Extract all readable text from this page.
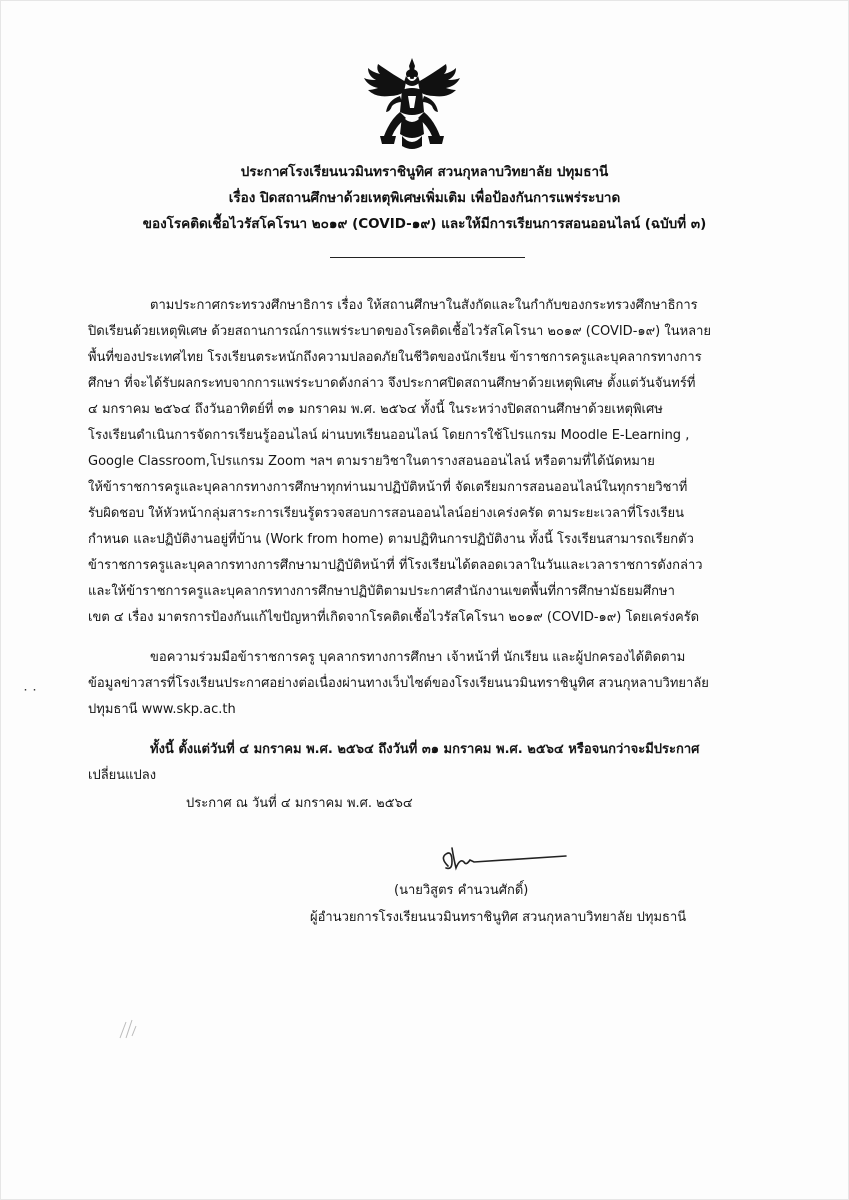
ประกาศโรงเรียนนวมินทราชินูทิศ สวนกุหลาบวิทยาลัย ปทุมธานี
เรื่อง ปิดสถานศึกษาด้วยเหตุพิเศษเพิ่มเติม เพื่อป้องกันการแพร่ระบาด
ของโรคติดเชื้อไวรัสโคโรนา ๒๐๑๙ (COVID-๑๙) และให้มีการเรียนการสอนออนไลน์ (ฉบับที่ ๓)
ตามประกาศกระทรวงศึกษาธิการ เรื่อง ให้สถานศึกษาในสังกัดและในกำกับของกระทรวงศึกษาธิการ
ปิดเรียนด้วยเหตุพิเศษ ด้วยสถานการณ์การแพร่ระบาดของโรคติดเชื้อไวรัสโคโรนา ๒๐๑๙ (COVID-๑๙) ในหลาย
พื้นที่ของประเทศไทย โรงเรียนตระหนักถึงความปลอดภัยในชีวิตของนักเรียน ข้าราชการครูและบุคลากรทางการ
ศึกษา ที่จะได้รับผลกระทบจากการแพร่ระบาดดังกล่าว จึงประกาศปิดสถานศึกษาด้วยเหตุพิเศษ ตั้งแต่วันจันทร์ที่
๔ มกราคม ๒๕๖๔ ถึงวันอาทิตย์ที่ ๓๑ มกราคม พ.ศ. ๒๕๖๔ ทั้งนี้ ในระหว่างปิดสถานศึกษาด้วยเหตุพิเศษ
โรงเรียนดำเนินการจัดการเรียนรู้ออนไลน์ ผ่านบทเรียนออนไลน์ โดยการใช้โปรแกรม Moodle E-Learning ,
Google Classroom,โปรแกรม Zoom ฯลฯ ตามรายวิชาในตารางสอนออนไลน์ หรือตามที่ได้นัดหมาย
ให้ข้าราชการครูและบุคลากรทางการศึกษาทุกท่านมาปฏิบัติหน้าที่ จัดเตรียมการสอนออนไลน์ในทุกรายวิชาที่
รับผิดชอบ ให้หัวหน้ากลุ่มสาระการเรียนรู้ตรวจสอบการสอนออนไลน์อย่างเคร่งครัด ตามระยะเวลาที่โรงเรียน
กำหนด และปฏิบัติงานอยู่ที่บ้าน (Work from home) ตามปฏิทินการปฏิบัติงาน ทั้งนี้ โรงเรียนสามารถเรียกตัว
ข้าราชการครูและบุคลากรทางการศึกษามาปฏิบัติหน้าที่ ที่โรงเรียนได้ตลอดเวลาในวันและเวลาราชการดังกล่าว
และให้ข้าราชการครูและบุคลากรทางการศึกษาปฏิบัติตามประกาศสำนักงานเขตพื้นที่การศึกษามัธยมศึกษา
เขต ๔ เรื่อง มาตรการป้องกันแก้ไขปัญหาที่เกิดจากโรคติดเชื้อไวรัสโคโรนา ๒๐๑๙ (COVID-๑๙) โดยเคร่งครัด
ขอความร่วมมือข้าราชการครู บุคลากรทางการศึกษา เจ้าหน้าที่ นักเรียน และผู้ปกครองได้ติดตาม
ข้อมูลข่าวสารที่โรงเรียนประกาศอย่างต่อเนื่องผ่านทางเว็บไซต์ของโรงเรียนนวมินทราชินูทิศ สวนกุหลาบวิทยาลัย
ปทุมธานี www.skp.ac.th
ทั้งนี้ ตั้งแต่วันที่ ๔ มกราคม พ.ศ. ๒๕๖๔ ถึงวันที่ ๓๑ มกราคม พ.ศ. ๒๕๖๔ หรือจนกว่าจะมีประกาศ
เปลี่ยนแปลง
ประกาศ ณ วันที่ ๔ มกราคม พ.ศ. ๒๕๖๔
(นายวิสูตร คำนวนศักดิ์)
ผู้อำนวยการโรงเรียนนวมินทราชินูทิศ สวนกุหลาบวิทยาลัย ปทุมธานี
˙˙
